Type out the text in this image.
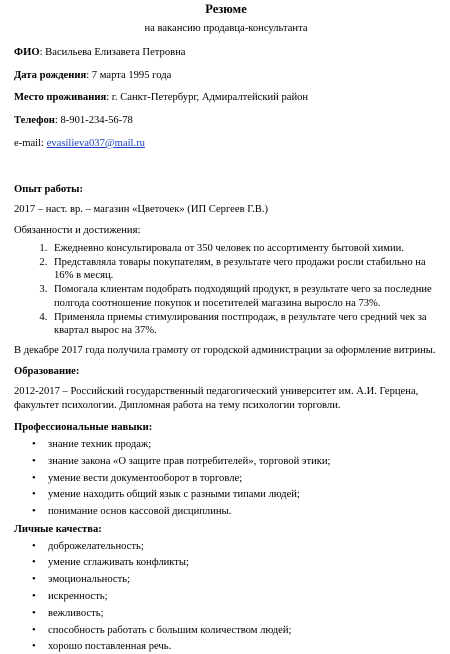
Резюме

на вакансию продавца-консультанта

ФИО: Васильева Елизавета Петровна
Дата рождения: 7 марта 1995 года
Место проживания: г. Санкт-Петербург, Адмиралтейский район
Телефон: 8-901-234-56-78
e-mail: evasilieva037@mail.ru

Опыт работы:

2017 – наст. вр. – магазин «Цветочек» (ИП Сергеев Г.В.)

Обязанности и достижения:

1. Ежедневно консультировала от 350 человек по ассортименту бытовой химии.
2. Представляла товары покупателям, в результате чего продажи росли стабильно на 16% в месяц.
3. Помогала клиентам подобрать подходящий продукт, в результате чего за последние полгода соотношение покупок и посетителей магазина выросло на 73%.
4. Применяла приемы стимулирования постпродаж, в результате чего средний чек за квартал вырос на 37%.

В декабре 2017 года получила грамоту от городской администрации за оформление витрины.

Образование:

2012-2017 – Российский государственный педагогический университет им. А.И. Герцена, факультет психологии. Дипломная работа на тему психологии торговли.

Профессиональные навыки:

• знание техник продаж;
• знание закона «О защите прав потребителей», торговой этики;
• умение вести документооборот в торговле;
• умение находить общий язык с разными типами людей;
• понимание основ кассовой дисциплины.

Личные качества:

• доброжелательность;
• умение сглаживать конфликты;
• эмоциональность;
• искренность;
• вежливость;
• способность работать с большим количеством людей;
• хорошо поставленная речь.
